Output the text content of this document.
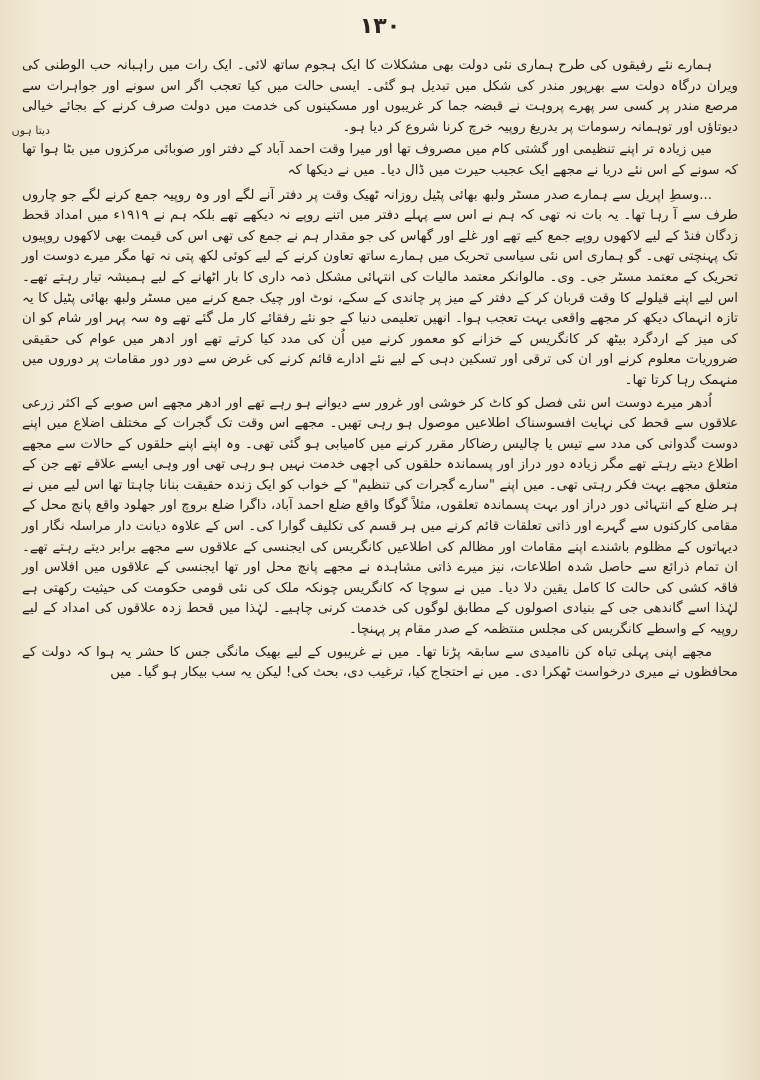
۱۳۰
دیتا ہوں

ہمارے نئے رفیقوں کی طرح ہماری نئی دولت بھی مشکلات کا ایک ہجوم ساتھ لائی۔ ایک رات میں راہبانہ حب الوطنی کی ویران درگاہ دولت سے بھرپور مندر کی شکل میں تبدیل ہو گئی۔ ایسی حالت میں کیا تعجب اگر اس سونے اور جواہرات سے مرصع مندر پر کسی سر پھرے پروہت نے قبضہ جما کر غریبوں اور مسکینوں کی خدمت میں دولت صرف کرنے کے بجائے خیالی دیوتاؤں اور توہمانہ رسومات پر بدریغ روپیہ خرچ کرنا شروع کر دیا ہو۔

میں زیادہ تر اپنے تنظیمی اور گشتی کام میں مصروف تھا اور میرا وقت احمد آباد کے دفتر اور صوبائی مرکزوں میں بٹا ہوا تھا کہ سونے کے اس نئے دریا نے مجھے ایک عجیب حیرت میں ڈال دیا۔ میں نے دیکھا کہ

...وسطِ اپریل سے ہمارے صدر مسٹر ولبھ بھائی پٹیل روزانہ ٹھیک وقت پر دفتر آنے لگے اور وہ روپیہ جمع کرنے لگے جو چاروں طرف سے آ رہا تھا۔ یہ بات نہ تھی کہ ہم نے اس سے پہلے دفتر میں اتنے روپے نہ دیکھے تھے بلکہ ہم نے ۱۹۱۹ء میں امداد قحط زدگان فنڈ کے لیے لاکھوں روپے جمع کیے تھے اور غلے اور گھاس کی جو مقدار ہم نے جمع کی تھی اس کی قیمت بھی لاکھوں روپیوں تک پہنچتی تھی۔ گو ہماری اس نئی سیاسی تحریک میں ہمارے ساتھ تعاون کرنے کے لیے کوئی لکھ پتی نہ تھا مگر میرے دوست اور تحریک کے معتمد مسٹر جی۔ وی۔ مالوانکر معتمد مالیات کی انتہائی مشکل ذمہ داری کا بار اٹھانے کے لیے ہمیشہ تیار رہتے تھے۔ اس لیے اپنے قیلولے کا وقت قربان کر کے دفتر کے میز پر چاندی کے سکے، نوٹ اور چیک جمع کرنے میں مسٹر ولبھ بھائی پٹیل کا یہ تازہ انہماک دیکھ کر مجھے واقعی بہت تعجب ہوا۔ انھیں تعلیمی دنیا کے جو نئے رفقائے کار مل گئے تھے وہ سہ پہر اور شام کو ان کی میز کے اردگرد بیٹھ کر کانگریس کے خزانے کو معمور کرنے میں اُن کی مدد کیا کرتے تھے اور ادھر میں عوام کی حقیقی ضروریات معلوم کرنے اور ان کی ترقی اور تسکین دہی کے لیے نئے ادارے قائم کرنے کی غرض سے دور دور مقامات پر دوروں میں منہمک رہا کرتا تھا۔

اُدھر میرے دوست اس نئی فصل کو کاٹ کر خوشی اور غرور سے دیوانے ہو رہے تھے اور ادھر مجھے اس صوبے کے اکثر زرعی علاقوں سے قحط کی نہایت افسوسناک اطلاعیں موصول ہو رہی تھیں۔ مجھے اس وقت تک گجرات کے مختلف اضلاع میں اپنے دوست گدوانی کی مدد سے تیس یا چالیس رضاکار مقرر کرنے میں کامیابی ہو گئی تھی۔ وہ اپنے اپنے حلقوں کے حالات سے مجھے اطلاع دیتے رہتے تھے مگر زیادہ دور دراز اور پسماندہ حلقوں کی اچھی خدمت نہیں ہو رہی تھی اور وہی ایسے علاقے تھے جن کے متعلق مجھے بہت فکر رہتی تھی۔ میں اپنے "سارے گجرات کی تنظیم" کے خواب کو ایک زندہ حقیقت بنانا چاہتا تھا اس لیے میں نے ہر ضلع کے انتہائی دور دراز اور بہت پسماندہ تعلقوں، مثلاً گوگا واقع ضلع احمد آباد، داگرا ضلع بروچ اور جھلود واقع پانچ محل کے مقامی کارکنوں سے گہرے اور ذاتی تعلقات قائم کرنے میں ہر قسم کی تکلیف گوارا کی۔ اس کے علاوہ دیانت دار مراسلہ نگار اور دیہاتوں کے مظلوم باشندے اپنے مقامات اور مظالم کی اطلاعیں کانگریس کی ایجنسی کے علاقوں سے مجھے برابر دیتے رہتے تھے۔ ان تمام ذرائع سے حاصل شدہ اطلاعات، نیز میرے ذاتی مشاہدہ نے مجھے پانچ محل اور تھا ایجنسی کے علاقوں میں افلاس اور فاقہ کشی کی حالت کا کامل یقین دلا دیا۔ میں نے سوچا کہ کانگریس چونکہ ملک کی نئی قومی حکومت کی حیثیت رکھتی ہے لہٰذا اسے گاندھی جی کے بنیادی اصولوں کے مطابق لوگوں کی خدمت کرنی چاہیے۔ لہٰذا میں قحط زدہ علاقوں کی امداد کے لیے روپیہ کے واسطے کانگریس کی مجلس منتظمہ کے صدر مقام پر پہنچا۔

مجھے اپنی پہلی تباہ کن ناامیدی سے سابقہ پڑنا تھا۔ میں نے غریبوں کے لیے بھیک مانگی جس کا حشر یہ ہوا کہ دولت کے محافظوں نے میری درخواست ٹھکرا دی۔ میں نے احتجاج کیا، ترغیب دی، بحث کی! لیکن یہ سب بیکار ہو گیا۔ میں
